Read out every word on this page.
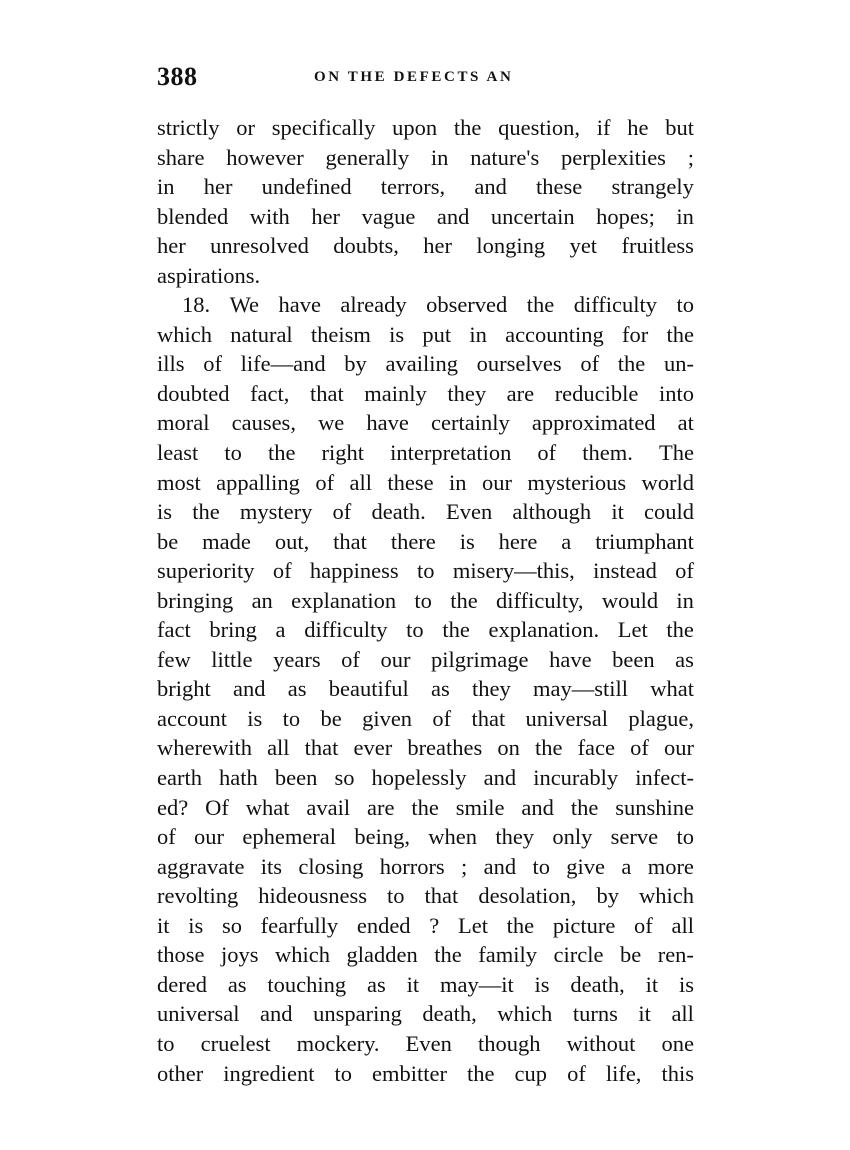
388	ON THE DEFECTS AN
strictly or specifically upon the question, if he but
share however generally in nature's perplexities ;
in her undefined terrors, and these strangely
blended with her vague and uncertain hopes; in
her unresolved doubts, her longing yet fruitless
aspirations.
18. We have already observed the difficulty to
which natural theism is put in accounting for the
ills of life—and by availing ourselves of the un-
doubted fact, that mainly they are reducible into
moral causes, we have certainly approximated at
least to the right interpretation of them. The
most appalling of all these in our mysterious world
is the mystery of death. Even although it could
be made out, that there is here a triumphant
superiority of happiness to misery—this, instead of
bringing an explanation to the difficulty, would in
fact bring a difficulty to the explanation. Let the
few little years of our pilgrimage have been as
bright and as beautiful as they may—still what
account is to be given of that universal plague,
wherewith all that ever breathes on the face of our
earth hath been so hopelessly and incurably infect-
ed? Of what avail are the smile and the sunshine
of our ephemeral being, when they only serve to
aggravate its closing horrors ; and to give a more
revolting hideousness to that desolation, by which
it is so fearfully ended ? Let the picture of all
those joys which gladden the family circle be ren-
dered as touching as it may—it is death, it is
universal and unsparing death, which turns it all
to cruelest mockery. Even though without one
other ingredient to embitter the cup of life, this
